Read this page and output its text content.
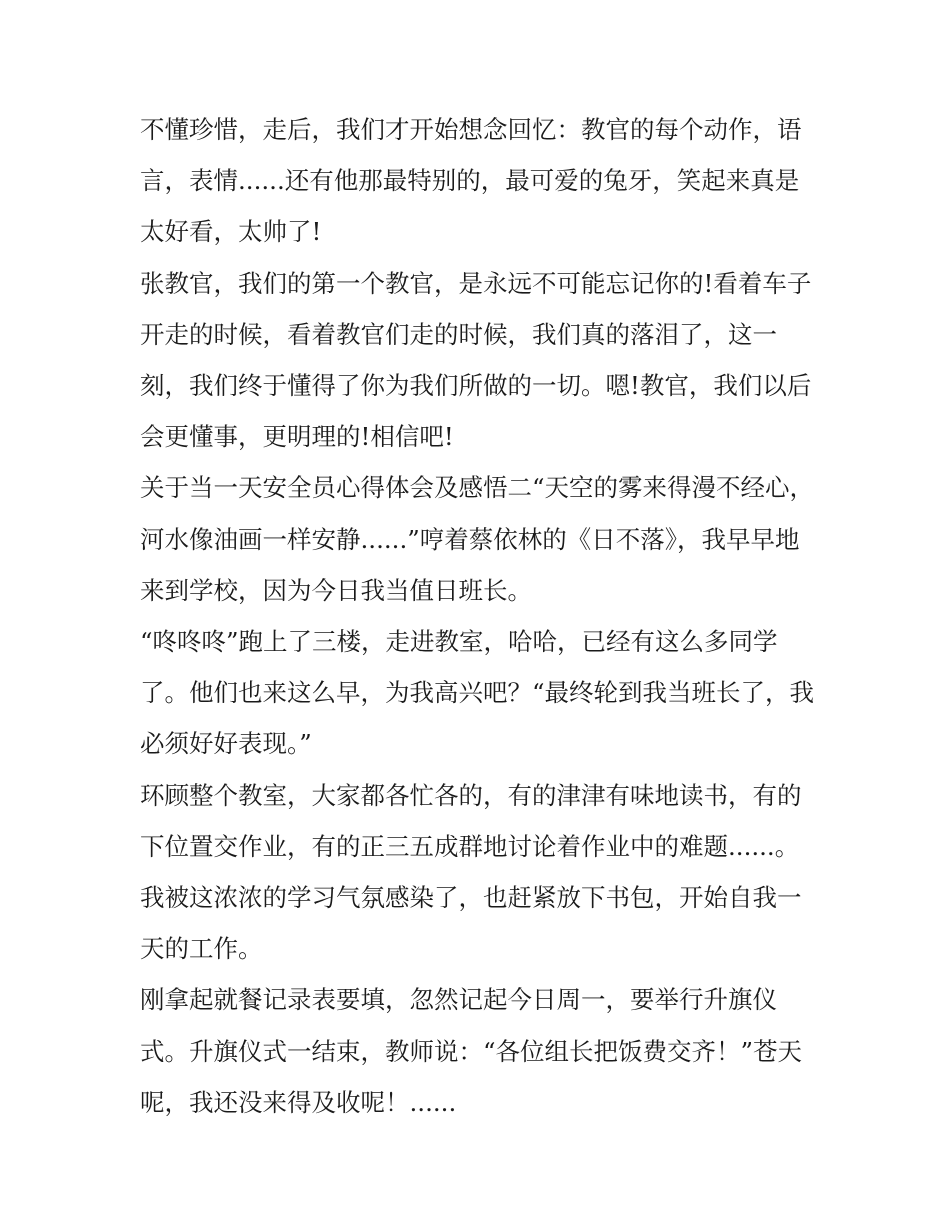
不懂珍惜，走后，我们才开始想念回忆：教官的每个动作，语言，表情......还有他那最特别的，最可爱的兔牙，笑起来真是太好看，太帅了!

张教官，我们的第一个教官，是永远不可能忘记你的!看着车子开走的时候，看着教官们走的时候，我们真的落泪了，这一刻，我们终于懂得了你为我们所做的一切。嗯!教官，我们以后会更懂事，更明理的!相信吧!

关于当一天安全员心得体会及感悟二“天空的雾来得漫不经心，河水像油画一样安静......”哼着蔡依林的《日不落》，我早早地来到学校，因为今日我当值日班长。

“咚咚咚”跑上了三楼，走进教室，哈哈，已经有这么多同学了。他们也来这么早，为我高兴吧？“最终轮到我当班长了，我必须好好表现。”

环顾整个教室，大家都各忙各的，有的津津有味地读书，有的下位置交作业，有的正三五成群地讨论着作业中的难题......。我被这浓浓的学习气氛感染了，也赶紧放下书包，开始自我一天的工作。

刚拿起就餐记录表要填，忽然记起今日周一，要举行升旗仪式。升旗仪式一结束，教师说：“各位组长把饭费交齐！”苍天呢，我还没来得及收呢！......
